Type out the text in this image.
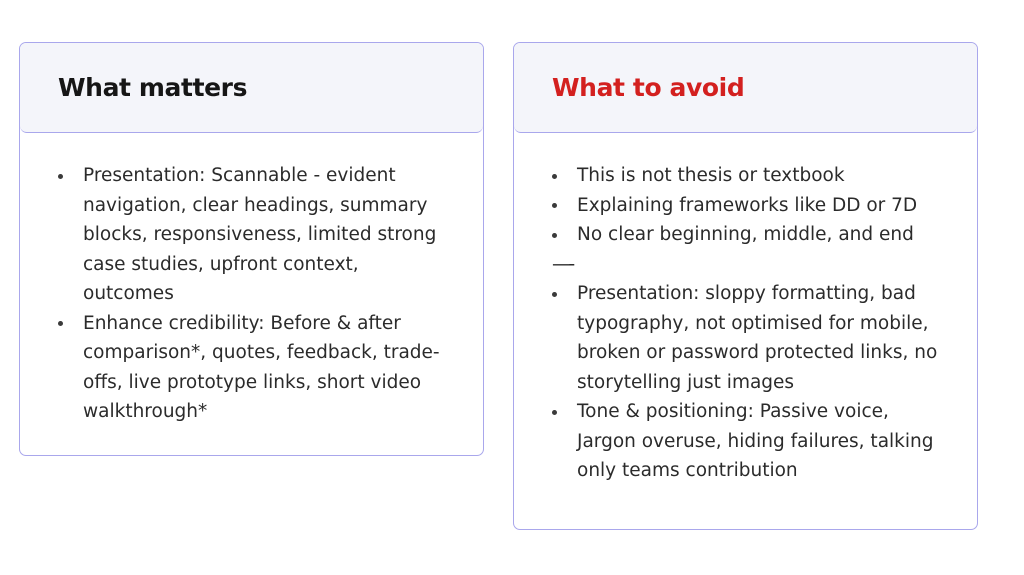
What matters
Presentation: Scannable - evident navigation, clear headings, summary blocks, responsiveness, limited strong case studies, upfront context, outcomes
Enhance credibility: Before & after comparison*, quotes, feedback, trade-offs, live prototype links, short video walkthrough*
What to avoid
This is not thesis or textbook
Explaining frameworks like DD or 7D
No clear beginning, middle, and end
—-
Presentation: sloppy formatting, bad typography, not optimised for mobile, broken or password protected links, no storytelling just images
Tone & positioning: Passive voice, Jargon overuse, hiding failures, talking only teams contribution
